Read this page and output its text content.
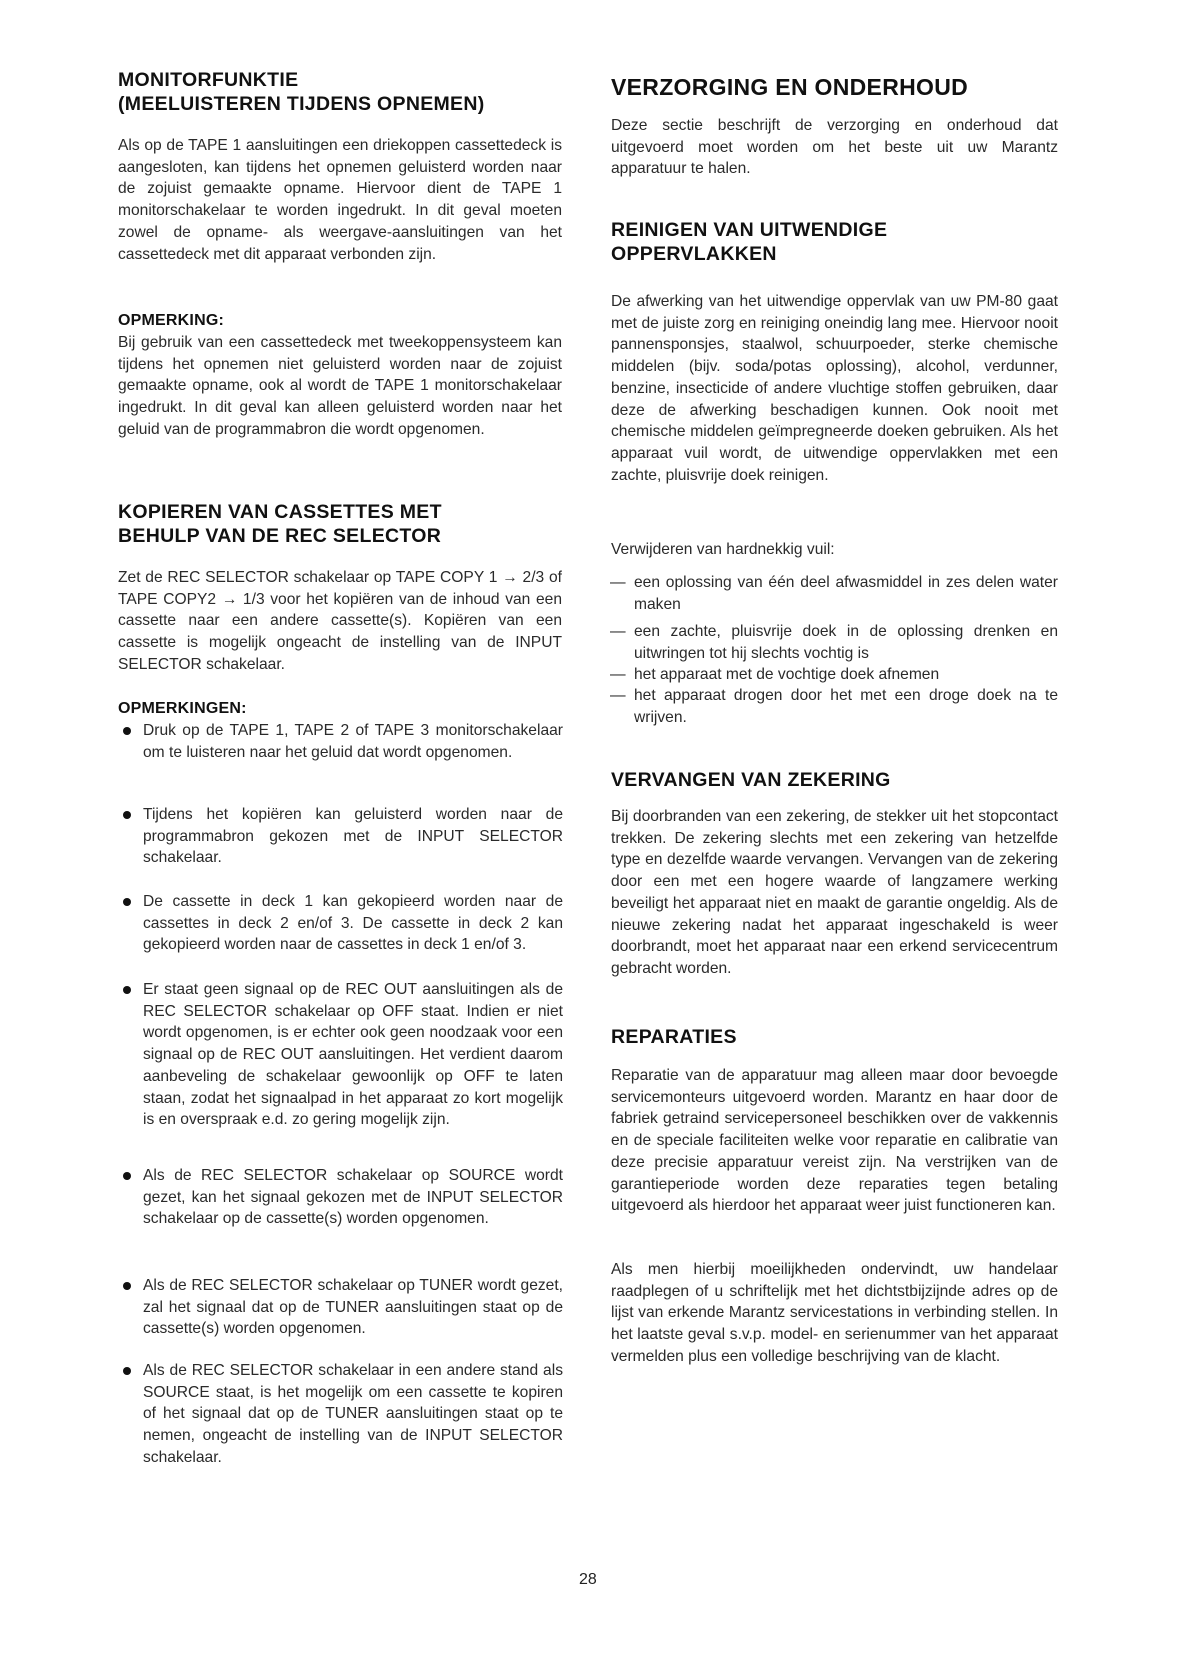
MONITORFUNKTIE
(MEELUISTEREN TIJDENS OPNEMEN)

Als op de TAPE 1 aansluitingen een driekoppen cassettedeck is aangesloten, kan tijdens het opnemen geluisterd worden naar de zojuist gemaakte opname. Hiervoor dient de TAPE 1 monitorschakelaar te worden ingedrukt. In dit geval moeten zowel de opname- als weergave-aansluitingen van het cassettedeck met dit apparaat verbonden zijn.

OPMERKING:

Bij gebruik van een cassettedeck met tweekoppensysteem kan tijdens het opnemen niet geluisterd worden naar de zojuist gemaakte opname, ook al wordt de TAPE 1 monitorschakelaar ingedrukt. In dit geval kan alleen geluisterd worden naar het geluid van de programmabron die wordt opgenomen.

KOPIEREN VAN CASSETTES MET
BEHULP VAN DE REC SELECTOR

Zet de REC SELECTOR schakelaar op TAPE COPY 1 → 2/3 of TAPE COPY2 → 1/3 voor het kopiëren van de inhoud van een cassette naar een andere cassette(s). Kopiëren van een cassette is mogelijk ongeacht de instelling van de INPUT SELECTOR schakelaar.

OPMERKINGEN:
Druk op de TAPE 1, TAPE 2 of TAPE 3 monitorschakelaar om te luisteren naar het geluid dat wordt opgenomen.
Tijdens het kopiëren kan geluisterd worden naar de programmabron gekozen met de INPUT SELECTOR schakelaar.
De cassette in deck 1 kan gekopieerd worden naar de cassettes in deck 2 en/of 3. De cassette in deck 2 kan gekopieerd worden naar de cassettes in deck 1 en/of 3.
Er staat geen signaal op de REC OUT aansluitingen als de REC SELECTOR schakelaar op OFF staat. Indien er niet wordt opgenomen, is er echter ook geen noodzaak voor een signaal op de REC OUT aansluitingen. Het verdient daarom aanbeveling de schakelaar gewoonlijk op OFF te laten staan, zodat het signaalpad in het apparaat zo kort mogelijk is en overspraak e.d. zo gering mogelijk zijn.
Als de REC SELECTOR schakelaar op SOURCE wordt gezet, kan het signaal gekozen met de INPUT SELECTOR schakelaar op de cassette(s) worden opgenomen.
Als de REC SELECTOR schakelaar op TUNER wordt gezet, zal het signaal dat op de TUNER aansluitingen staat op de cassette(s) worden opgenomen.
Als de REC SELECTOR schakelaar in een andere stand als SOURCE staat, is het mogelijk om een cassette te kopiren of het signaal dat op de TUNER aansluitingen staat op te nemen, ongeacht de instelling van de INPUT SELECTOR schakelaar.
VERZORGING EN ONDERHOUD

Deze sectie beschrijft de verzorging en onderhoud dat uitgevoerd moet worden om het beste uit uw Marantz apparatuur te halen.

REINIGEN VAN UITWENDIGE
OPPERVLAKKEN

De afwerking van het uitwendige oppervlak van uw PM-80 gaat met de juiste zorg en reiniging oneindig lang mee. Hiervoor nooit pannensponsjes, staalwol, schuurpoeder, sterke chemische middelen (bijv. soda/potas oplossing), alcohol, verdunner, benzine, insecticide of andere vluchtige stoffen gebruiken, daar deze de afwerking beschadigen kunnen. Ook nooit met chemische middelen geïmpregneerde doeken gebruiken. Als het apparaat vuil wordt, de uitwendige oppervlakken met een zachte, pluisvrije doek reinigen.

Verwijderen van hardnekkig vuil:

— een oplossing van één deel afwasmiddel in zes delen water maken
— een zachte, pluisvrije doek in de oplossing drenken en uitwringen tot hij slechts vochtig is
— het apparaat met de vochtige doek afnemen
— het apparaat drogen door het met een droge doek na te wrijven.
VERVANGEN VAN ZEKERING

Bij doorbranden van een zekering, de stekker uit het stopcontact trekken. De zekering slechts met een zekering van hetzelfde type en dezelfde waarde vervangen. Vervangen van de zekering door een met een hogere waarde of langzamere werking beveiligt het apparaat niet en maakt de garantie ongeldig. Als de nieuwe zekering nadat het apparaat ingeschakeld is weer doorbrandt, moet het apparaat naar een erkend servicecentrum gebracht worden.

REPARATIES

Reparatie van de apparatuur mag alleen maar door bevoegde servicemonteurs uitgevoerd worden. Marantz en haar door de fabriek getraind servicepersoneel beschikken over de vakkennis en de speciale faciliteiten welke voor reparatie en calibratie van deze precisie apparatuur vereist zijn. Na verstrijken van de garantieperiode worden deze reparaties tegen betaling uitgevoerd als hierdoor het apparaat weer juist functioneren kan.

Als men hierbij moeilijkheden ondervindt, uw handelaar raadplegen of u schriftelijk met het dichtstbijzijnde adres op de lijst van erkende Marantz servicestations in verbinding stellen. In het laatste geval s.v.p. model- en serienummer van het apparaat vermelden plus een volledige beschrijving van de klacht.

28
